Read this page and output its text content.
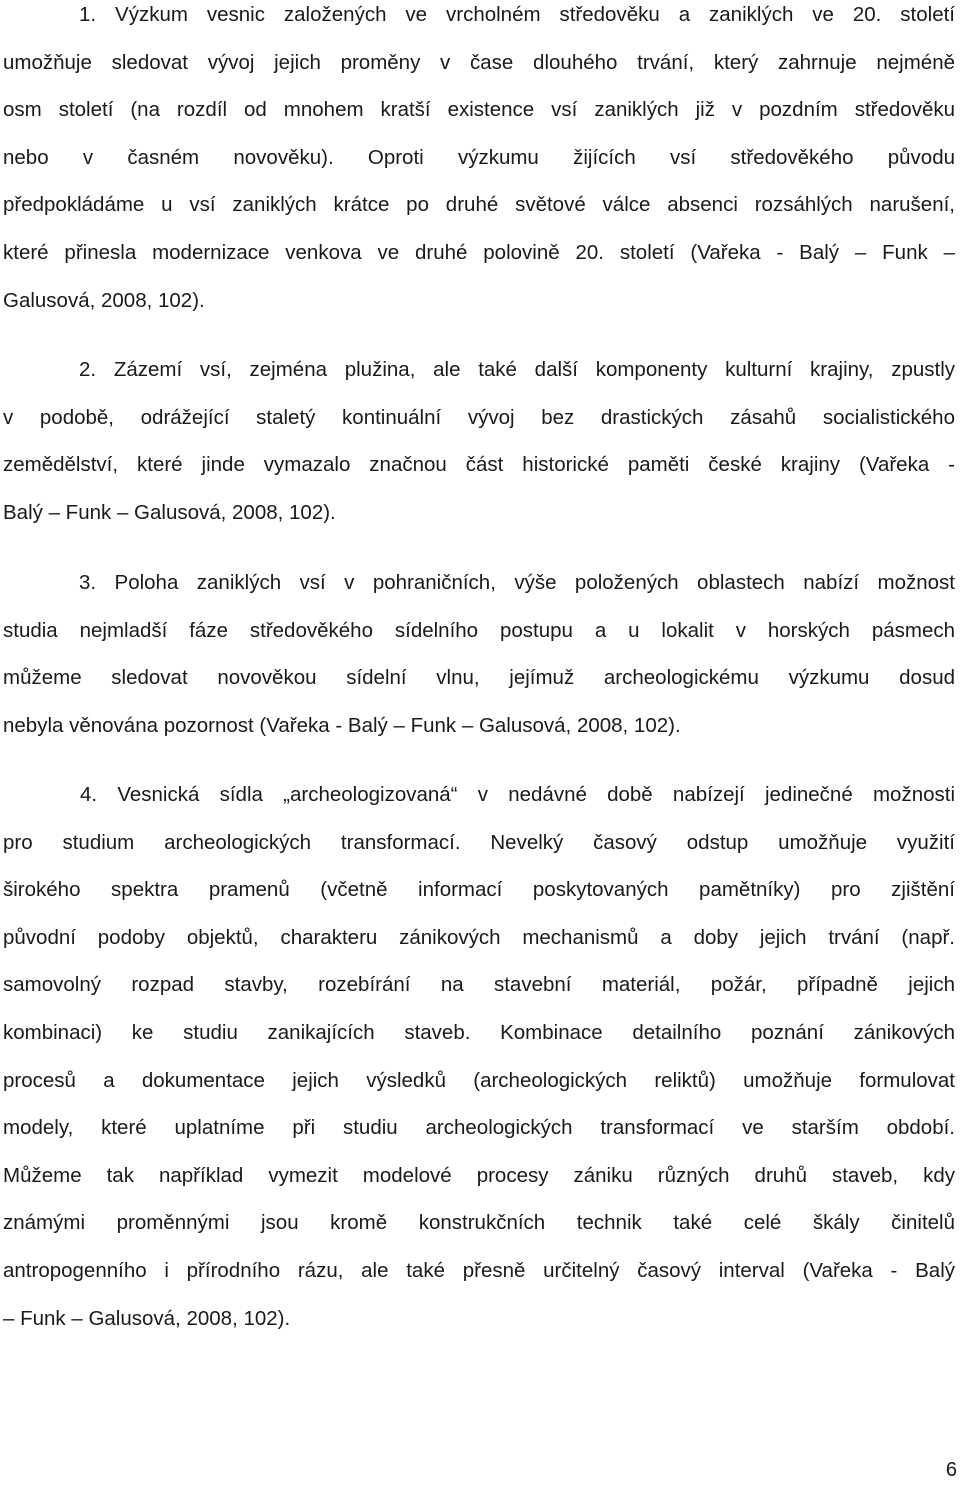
1. Výzkum vesnic založených ve vrcholném středověku a zaniklých ve 20. století
umožňuje sledovat vývoj jejich proměny v čase dlouhého trvání, který zahrnuje nejméně
osm století (na rozdíl od mnohem kratší existence vsí zaniklých již v pozdním středověku
nebo v časném novověku). Oproti výzkumu žijících vsí středověkého původu
předpokládáme u vsí zaniklých krátce po druhé světové válce absenci rozsáhlých narušení,
které přinesla modernizace venkova ve druhé polovině 20. století (Vařeka - Balý – Funk –
Galusová, 2008, 102).
2. Zázemí vsí, zejména plužina, ale také další komponenty kulturní krajiny, zpustly
v podobě, odrážející staletý kontinuální vývoj bez drastických zásahů socialistického
zemědělství, které jinde vymazalo značnou část historické paměti české krajiny (Vařeka -
Balý – Funk – Galusová, 2008, 102).
3. Poloha zaniklých vsí v pohraničních, výše položených oblastech nabízí možnost
studia nejmladší fáze středověkého sídelního postupu a u lokalit v horských pásmech
můžeme sledovat novověkou sídelní vlnu, jejímuž archeologickému výzkumu dosud
nebyla věnována pozornost (Vařeka - Balý – Funk – Galusová, 2008, 102).
4. Vesnická sídla „archeologizovaná“ v nedávné době nabízejí jedinečné možnosti
pro studium archeologických transformací. Nevelký časový odstup umožňuje využití
širokého spektra pramenů (včetně informací poskytovaných pamětníky) pro zjištění
původní podoby objektů, charakteru zánikových mechanismů a doby jejich trvání (např.
samovolný rozpad stavby, rozebírání na stavební materiál, požár, případně jejich
kombinaci) ke studiu zanikajících staveb. Kombinace detailního poznání zánikových
procesů a dokumentace jejich výsledků (archeologických reliktů) umožňuje formulovat
modely, které uplatníme při studiu archeologických transformací ve starším období.
Můžeme tak například vymezit modelové procesy zániku různých druhů staveb, kdy
známými proměnnými jsou kromě konstrukčních technik také celé škály činitelů
antropogenního i přírodního rázu, ale také přesně určitelný časový interval (Vařeka - Balý
– Funk – Galusová, 2008, 102).
6
